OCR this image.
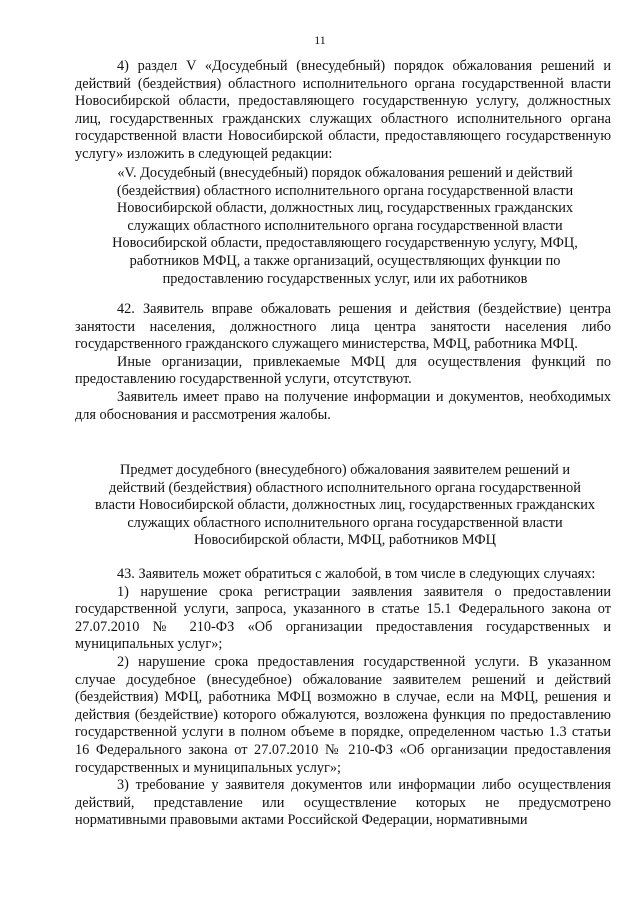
11

4) раздел V «Досудебный (внесудебный) порядок обжалования решений и действий (бездействия) областного исполнительного органа государственной власти Новосибирской области, предоставляющего государственную услугу, должностных лиц, государственных гражданских служащих областного исполнительного органа государственной власти Новосибирской области, предоставляющего государственную услугу» изложить в следующей редакции:

«V. Досудебный (внесудебный) порядок обжалования решений и действий
(бездействия) областного исполнительного органа государственной власти
Новосибирской области, должностных лиц, государственных гражданских
служащих областного исполнительного органа государственной власти
Новосибирской области, предоставляющего государственную услугу, МФЦ,
работников МФЦ, а также организаций, осуществляющих функции по
предоставлению государственных услуг, или их работников

42. Заявитель вправе обжаловать решения и действия (бездействие) центра занятости населения, должностного лица центра занятости населения либо государственного гражданского служащего министерства, МФЦ, работника МФЦ.

Иные организации, привлекаемые МФЦ для осуществления функций по предоставлению государственной услуги, отсутствуют.

Заявитель имеет право на получение информации и документов, необходимых для обоснования и рассмотрения жалобы.

Предмет досудебного (внесудебного) обжалования заявителем решений и
действий (бездействия) областного исполнительного органа государственной
власти Новосибирской области, должностных лиц, государственных гражданских
служащих областного исполнительного органа государственной власти
Новосибирской области, МФЦ, работников МФЦ

43. Заявитель может обратиться с жалобой, в том числе в следующих случаях:

1) нарушение срока регистрации заявления заявителя о предоставлении государственной услуги, запроса, указанного в статье 15.1 Федерального закона от 27.07.2010 № 210-ФЗ «Об организации предоставления государственных и муниципальных услуг»;

2) нарушение срока предоставления государственной услуги. В указанном случае досудебное (внесудебное) обжалование заявителем решений и действий (бездействия) МФЦ, работника МФЦ возможно в случае, если на МФЦ, решения и действия (бездействие) которого обжалуются, возложена функция по предоставлению государственной услуги в полном объеме в порядке, определенном частью 1.3 статьи 16 Федерального закона от 27.07.2010 № 210-ФЗ «Об организации предоставления государственных и муниципальных услуг»;

3) требование у заявителя документов или информации либо осуществления действий, представление или осуществление которых не предусмотрено нормативными правовыми актами Российской Федерации, нормативными
